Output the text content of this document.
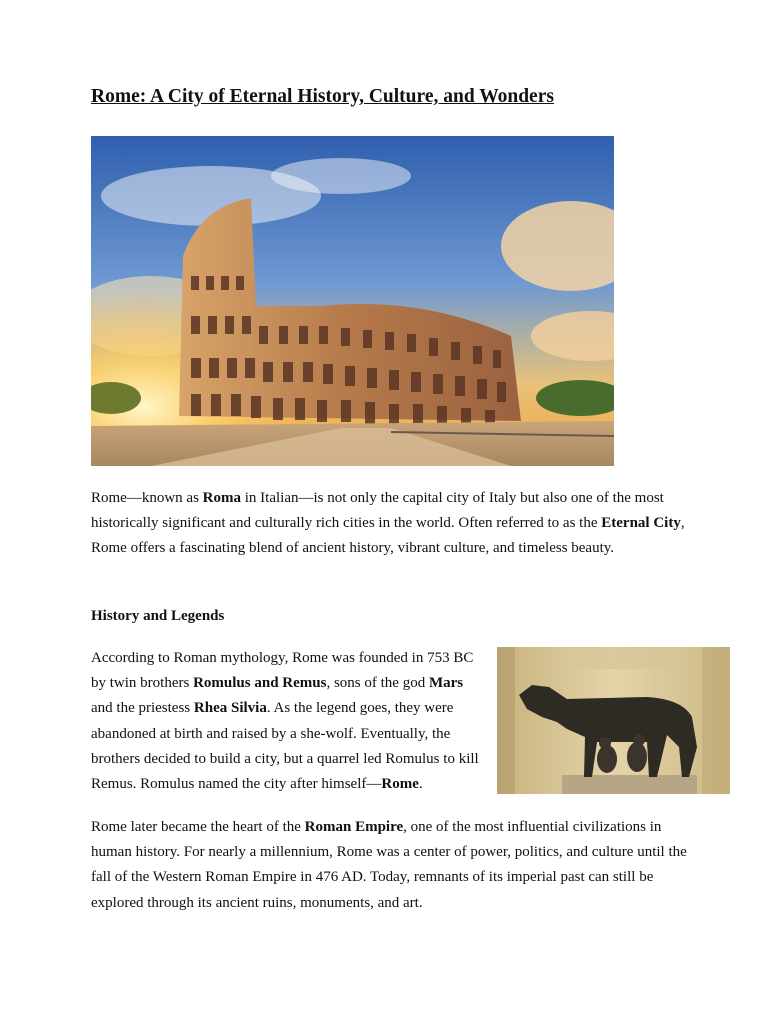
Rome: A City of Eternal History, Culture, and Wonders

Rome—known as Roma in Italian—is not only the capital city of Italy but also one of the most historically significant and culturally rich cities in the world. Often referred to as the Eternal City, Rome offers a fascinating blend of ancient history, vibrant culture, and timeless beauty.

History and Legends

According to Roman mythology, Rome was founded in 753 BC by twin brothers Romulus and Remus, sons of the god Mars and the priestess Rhea Silvia. As the legend goes, they were abandoned at birth and raised by a she-wolf. Eventually, the brothers decided to build a city, but a quarrel led Romulus to kill Remus. Romulus named the city after himself—Rome.

Rome later became the heart of the Roman Empire, one of the most influential civilizations in human history. For nearly a millennium, Rome was a center of power, politics, and culture until the fall of the Western Roman Empire in 476 AD. Today, remnants of its imperial past can still be explored through its ancient ruins, monuments, and art.
